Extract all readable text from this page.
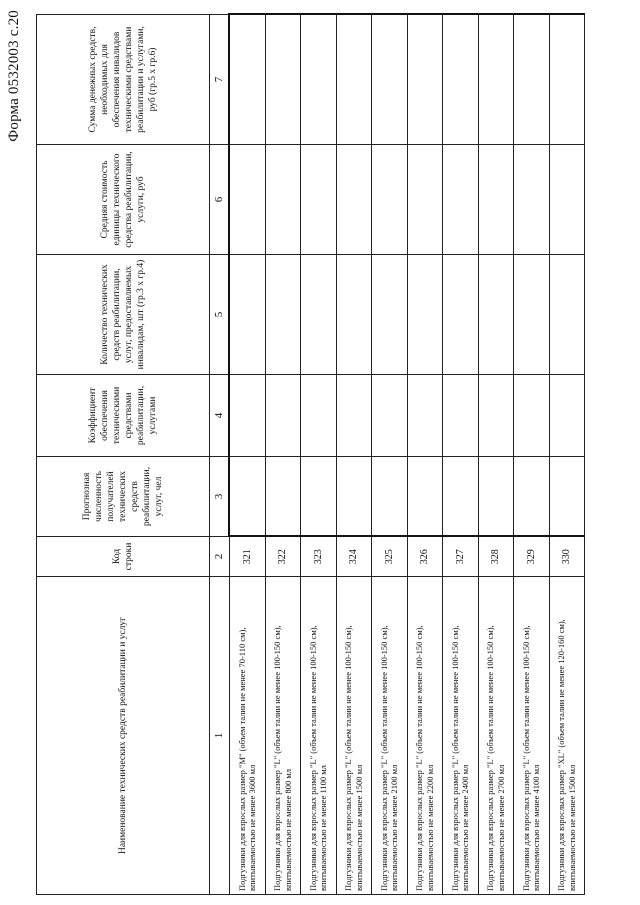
Форма 0532003 с.20
Наименование технических средств реабилитации и услуг	Код строки	Прогнозная численность получателей технических средств реабилитации, услуг, чел	Коэффициент обеспечения техническими средствами реабилитации, услугами	Количество технических средств реабилитации, услуг, предоставляемых инвалидам, шт (гр.3 х гр.4)	Средняя стоимость единицы технического средства реабилитации, услуги, руб	Сумма денежных средств, необходимых для обеспечения инвалидов техническими средствами реабилитации и услугами, руб (гр.5 х гр.6)
1	2	3	4	5	6	7
Подгузники для взрослых размер "М" (объем талии не менее 70-110 см), впитываемостью не менее 3600 мл	321					
Подгузники для взрослых размер "L" (объем талии не менее 100-150 см), впитываемостью не менее 800 мл	322					
Подгузники для взрослых размер "L" (объем талии не менее 100-150 см), впитываемостью не менее 1100 мл	323					
Подгузники для взрослых размер "L" (объем талии не менее 100-150 см), впитываемостью не менее 1500 мл	324					
Подгузники для взрослых размер "L" (объем талии не менее 100-150 см), впитываемостью не менее 2100 мл	325					
Подгузники для взрослых размер "L" (объем талии не менее 100-150 см), впитываемостью не менее 2200 мл	326					
Подгузники для взрослых размер "L" (объем талии не менее 100-150 см), впитываемостью не менее 2400 мл	327					
Подгузники для взрослых размер "L" (объем талии не менее 100-150 см), впитываемостью не менее 2700 мл	328					
Подгузники для взрослых размер "L" (объем талии не менее 100-150 см), впитываемостью не менее 4100 мл	329					
Подгузники для взрослых размер "XL" (объем талии не менее 120-160 см), впитываемостью не менее 1500 мл	330					
